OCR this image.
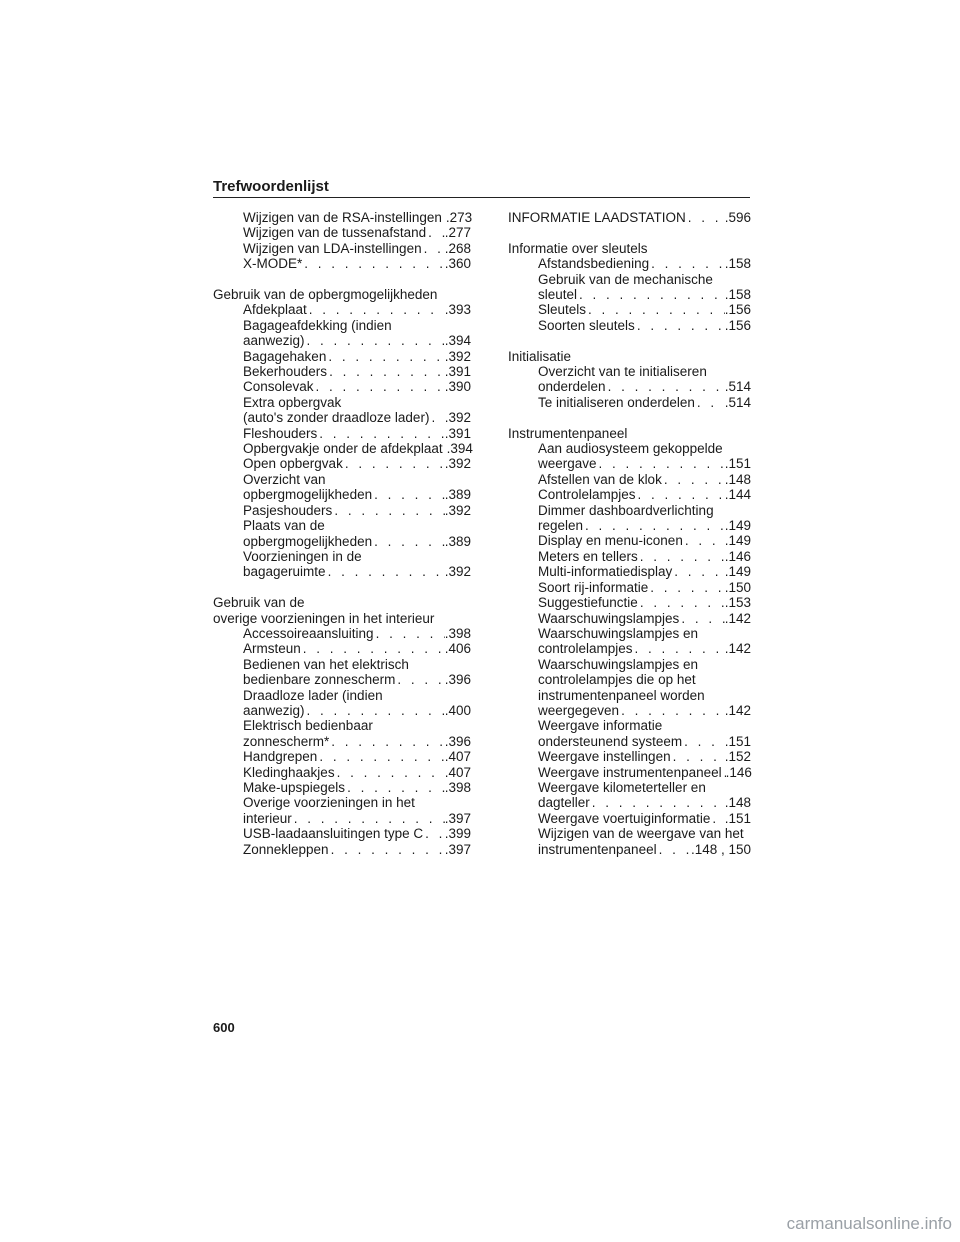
Trefwoordenlijst
Wijzigen van de RSA-instellingen .273
Wijzigen van de tussenafstand . . . .277
Wijzigen van LDA-instellingen . . . .268
X-MODE* . . .	.360
Gebruik van de opbergmogelijkheden
Afdekplaat . . .	.393
Bagageafdekking (indien
aanwezig) . . .	.394
Bagagehaken . . .	.392
Bekerhouders . . .	.391
Consolevak . . .	.390
Extra opbergvak
(auto's zonder draadloze lader) . . . .392
Fleshouders . . .	.391
Opbergvakje onder de afdekplaat .394
Open opbergvak . . .	.392
Overzicht van
opbergmogelijkheden . . .	.389
Pasjeshouders . . .	.392
Plaats van de
opbergmogelijkheden . . .	.389
Voorzieningen in de
bagageruimte . . .	.392
Gebruik van de
overige voorzieningen in het interieur
Accessoireaansluiting . . .	.398
Armsteun . . .	.406
Bedienen van het elektrisch
bedienbare zonnescherm . . .	.396
Draadloze lader (indien
aanwezig) . . .	.400
Elektrisch bedienbaar
zonnescherm* . . .	.396
Handgrepen . . .	.407
Kledinghaakjes . . .	.407
Make-upspiegels . . .	.398
Overige voorzieningen in het
interieur . . .	.397
USB-laadaansluitingen type C . . . .399
Zonnekleppen . . .	.397
INFORMATIE LAADSTATION . . .	.596
Informatie over sleutels
Afstandsbediening . . .	.158
Gebruik van de mechanische
sleutel . . .	.158
Sleutels . . .	.156
Soorten sleutels . . .	.156
Initialisatie
Overzicht van te initialiseren
onderdelen . . .	.514
Te initialiseren onderdelen . . . .514
Instrumentenpaneel
Aan audiosysteem gekoppelde
weergave . . .	.151
Afstellen van de klok . . .	.148
Controlelampjes . . .	.144
Dimmer dashboardverlichting
regelen . . .	.149
Display en menu-iconen . . .	.149
Meters en tellers . . .	.146
Multi-informatiedisplay . . .	.149
Soort rij-informatie . . .	.150
Suggestiefunctie . . .	.153
Waarschuwingslampjes . . .	.142
Waarschuwingslampjes en
controlelampjes . . .	.142
Waarschuwingslampjes en
controlelampjes die op het
instrumentenpaneel worden
weergegeven . . .	.142
Weergave informatie
ondersteunend systeem . . .	.151
Weergave instellingen . . .	.152
Weergave instrumentenpaneel . . . .146
Weergave kilometerteller en
dagteller . . .	.148
Weergave voertuiginformatie . . . .151
Wijzigen van de weergave van het
instrumentenpaneel . . .	.148 , 150
600
carmanualsonline.info
